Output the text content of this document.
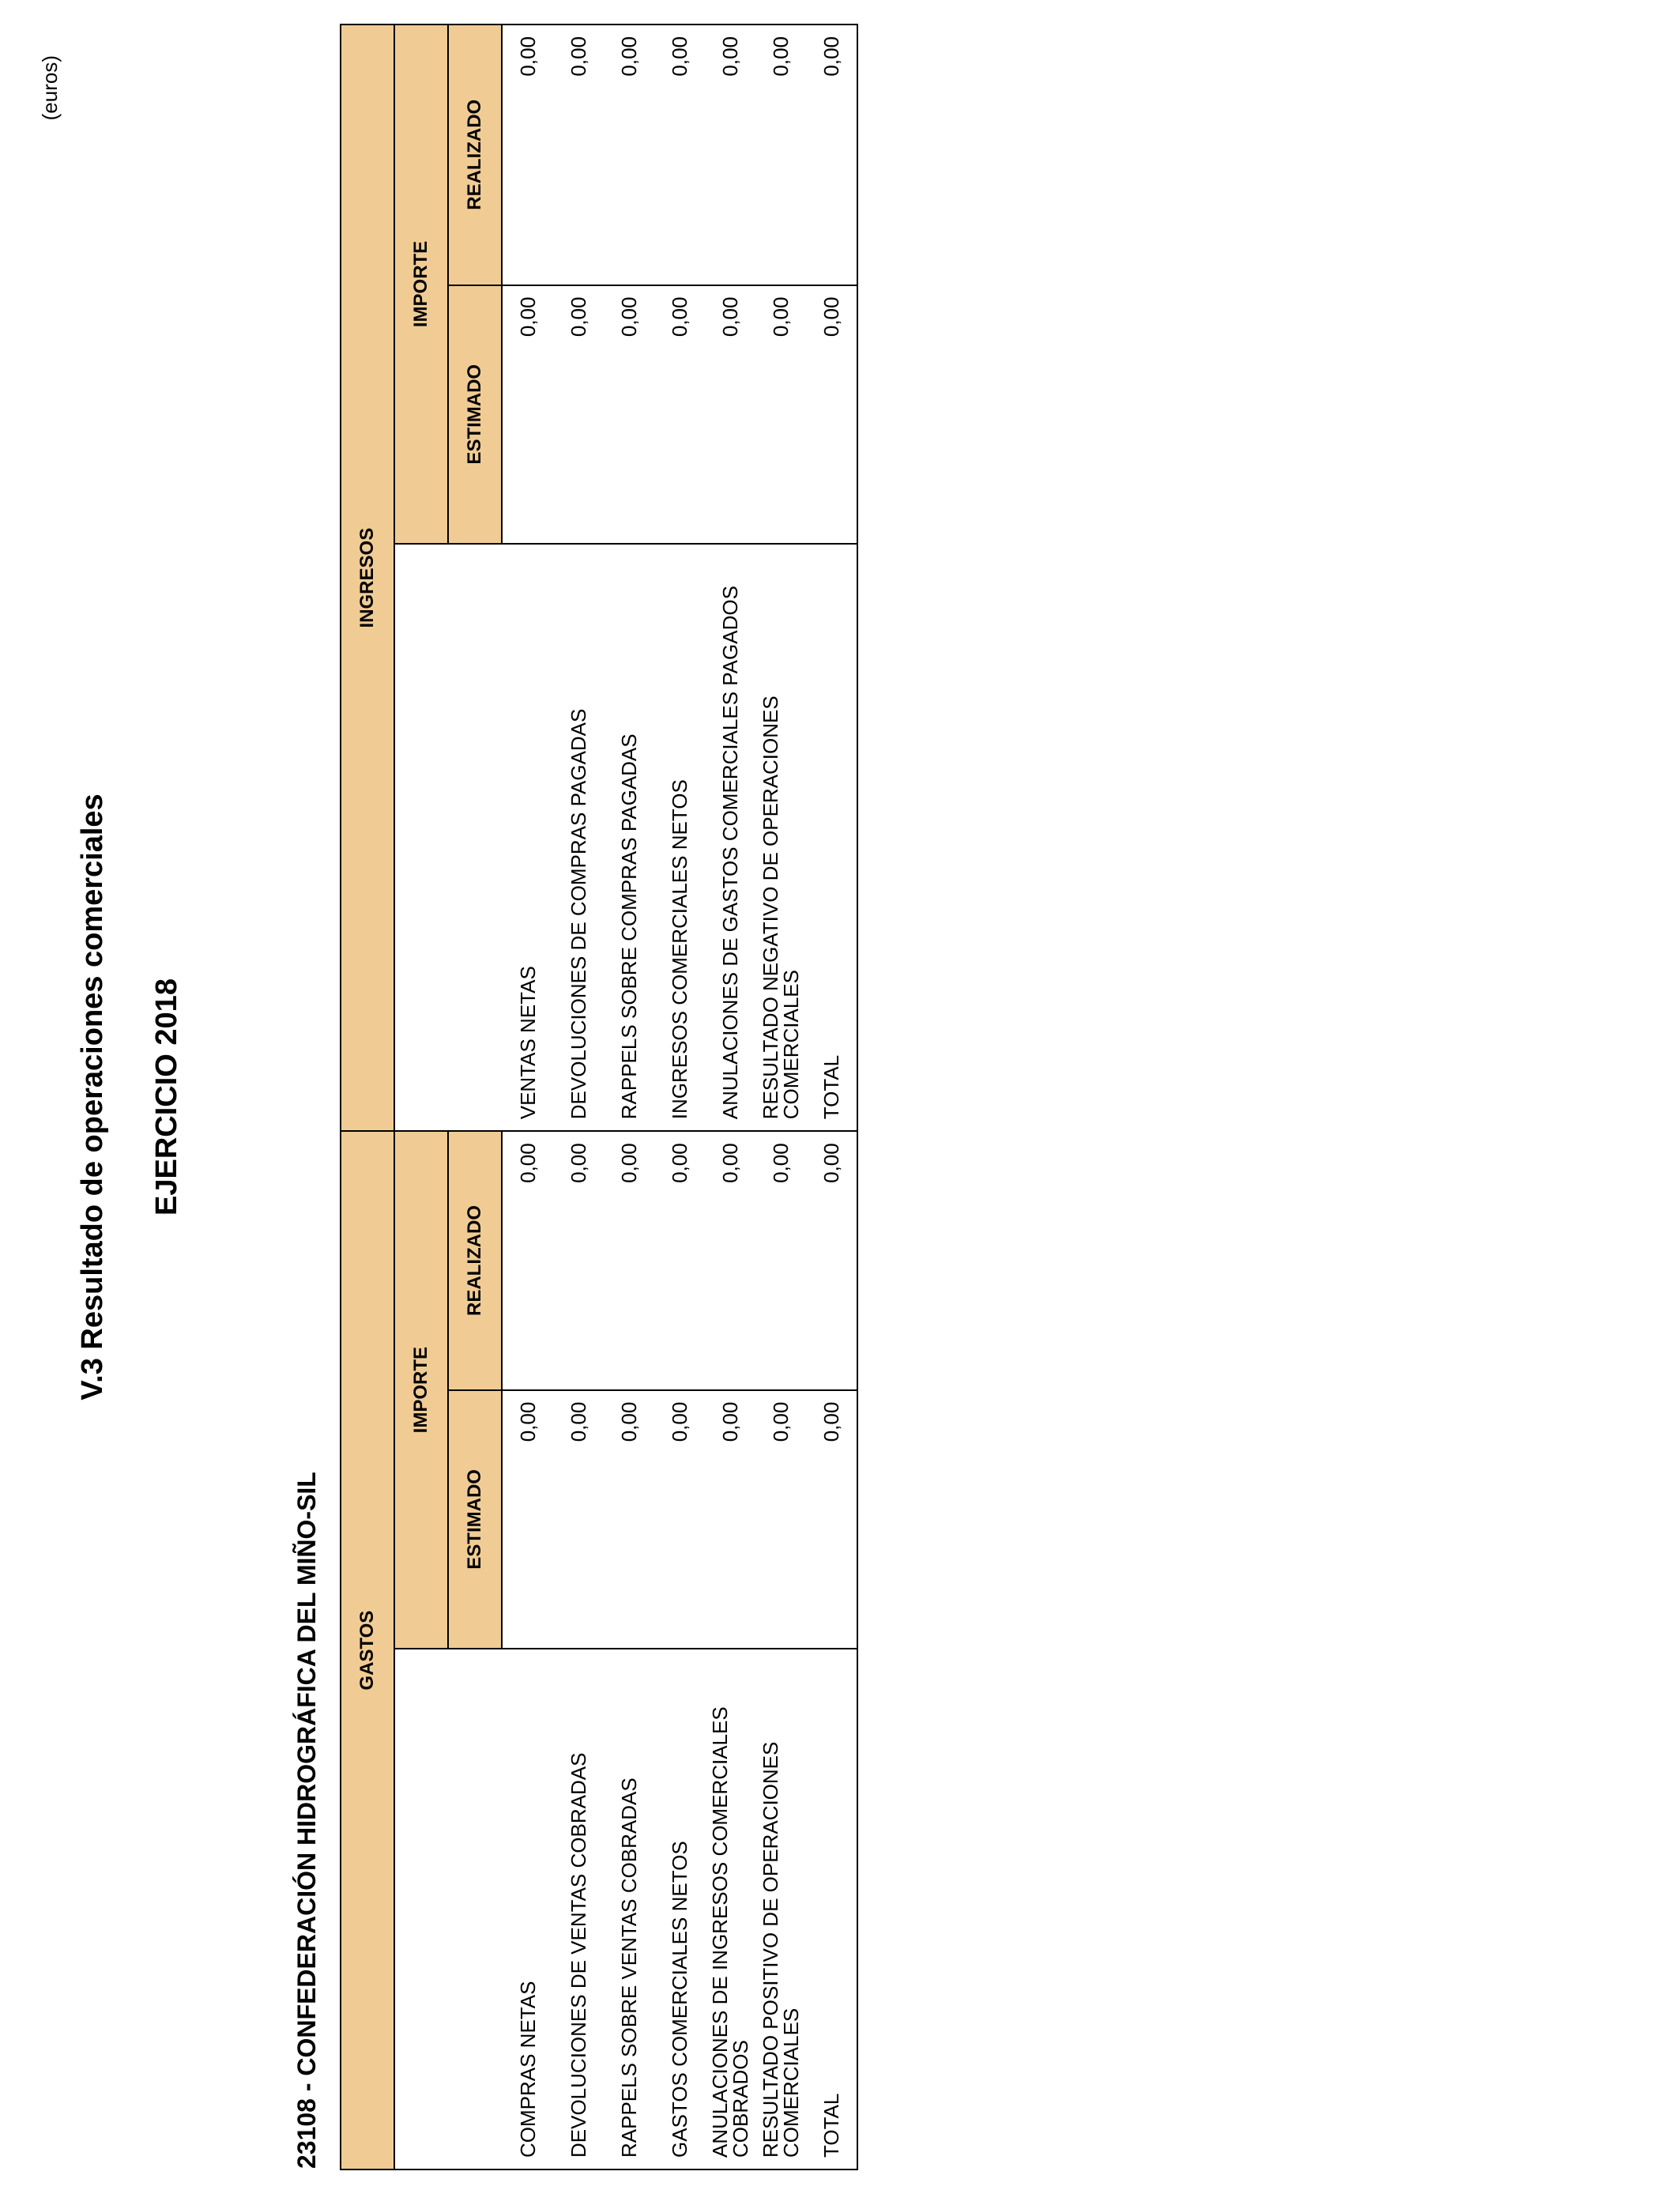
(euros)
V.3 Resultado de operaciones comerciales EJERCICIO 2018
23108 - CONFEDERACIÓN HIDROGRÁFICA DEL MIÑO-SIL GASTOS			INGRESOS		
	IMPORTE			IMPORTE	
	ESTIMADO	REALIZADO		ESTIMADO	REALIZADO
COMPRAS NETAS	0,00	0,00	VENTAS NETAS	0,00	0,00
DEVOLUCIONES DE VENTAS COBRADAS	0,00	0,00	DEVOLUCIONES DE COMPRAS PAGADAS	0,00	0,00
RAPPELS SOBRE VENTAS COBRADAS	0,00	0,00	RAPPELS SOBRE COMPRAS PAGADAS	0,00	0,00
GASTOS COMERCIALES NETOS	0,00	0,00	INGRESOS COMERCIALES NETOS	0,00	0,00
ANULACIONES DE INGRESOS COMERCIALES COBRADOS	0,00	0,00	ANULACIONES DE GASTOS COMERCIALES PAGADOS	0,00	0,00
RESULTADO POSITIVO DE OPERACIONES COMERCIALES	0,00	0,00	RESULTADO NEGATIVO DE OPERACIONES COMERCIALES	0,00	0,00
TOTAL	0,00	0,00	TOTAL	0,00	0,00
